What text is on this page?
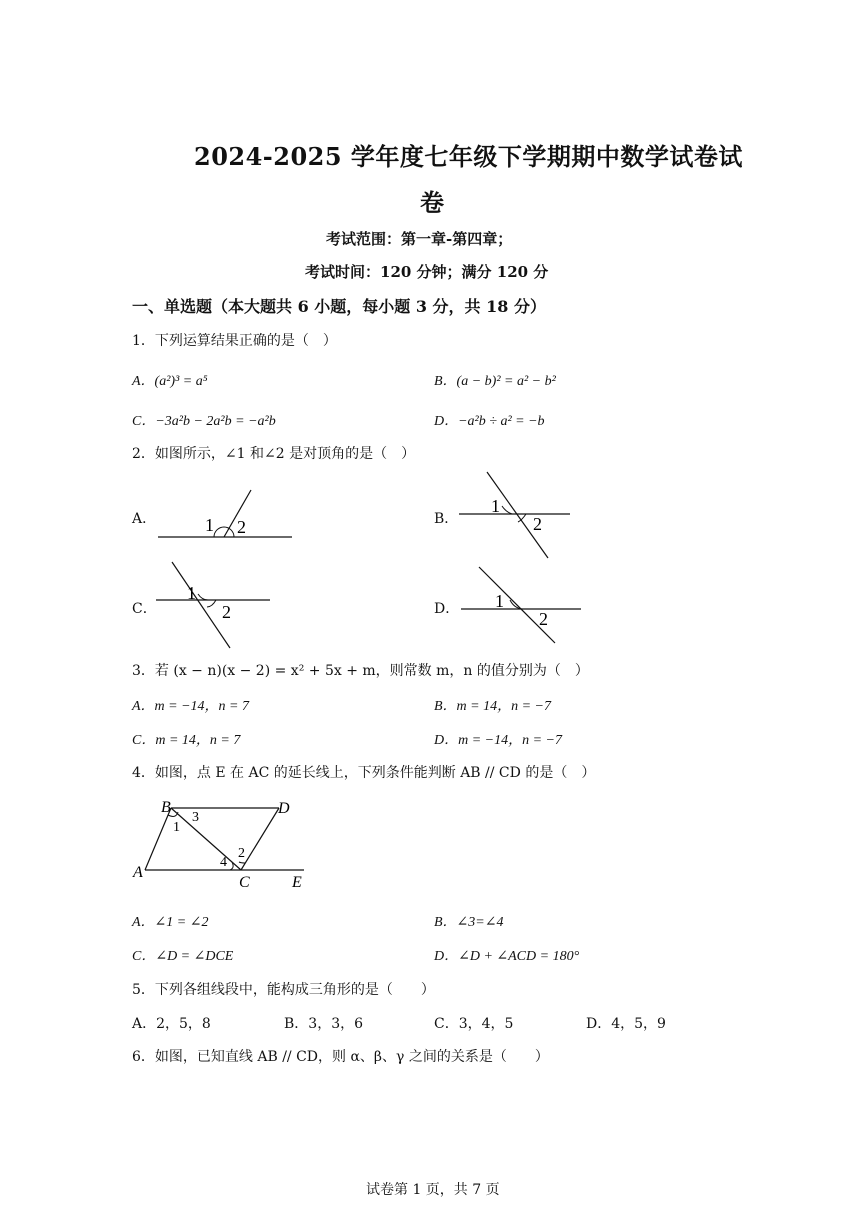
2024-2025 学年度七年级下学期期中数学试卷试
卷
考试范围：第一章-第四章；
考试时间：120 分钟；满分 120 分
一、单选题（本大题共 6 小题，每小题 3 分，共 18 分）
1．下列运算结果正确的是（　）
A．(a²)³ = a⁵	B．(a − b)² = a² − b²
C．−3a²b − 2a²b = −a²b	D．−a²b ÷ a² = −b
2．如图所示，∠1 和∠2 是对顶角的是（　）
A．	1 2	B．
1
2
C．
1
2	D． 1
2
3．若 (x − n)(x − 2) = x² + 5x + m，则常数 m，n 的值分别为（　）
A．m = −14，n = 7	B．m = 14，n = −7
C．m = 14，n = 7	D．m = −14，n = −7
4．如图，点 E 在 AC 的延长线上，下列条件能判断 AB // CD 的是（　）
A
B	D
C	E
1
2
3
4
A．∠1 = ∠2	B．∠3=∠4
C．∠D = ∠DCE	D．∠D + ∠ACD = 180°
5．下列各组线段中，能构成三角形的是（　　）
A．2，5，8	B．3，3，6	C．3，4，5	D．4，5，9
6．如图，已知直线 AB // CD，则 α、β、γ 之间的关系是（　　）
试卷第 1 页，共 7 页
